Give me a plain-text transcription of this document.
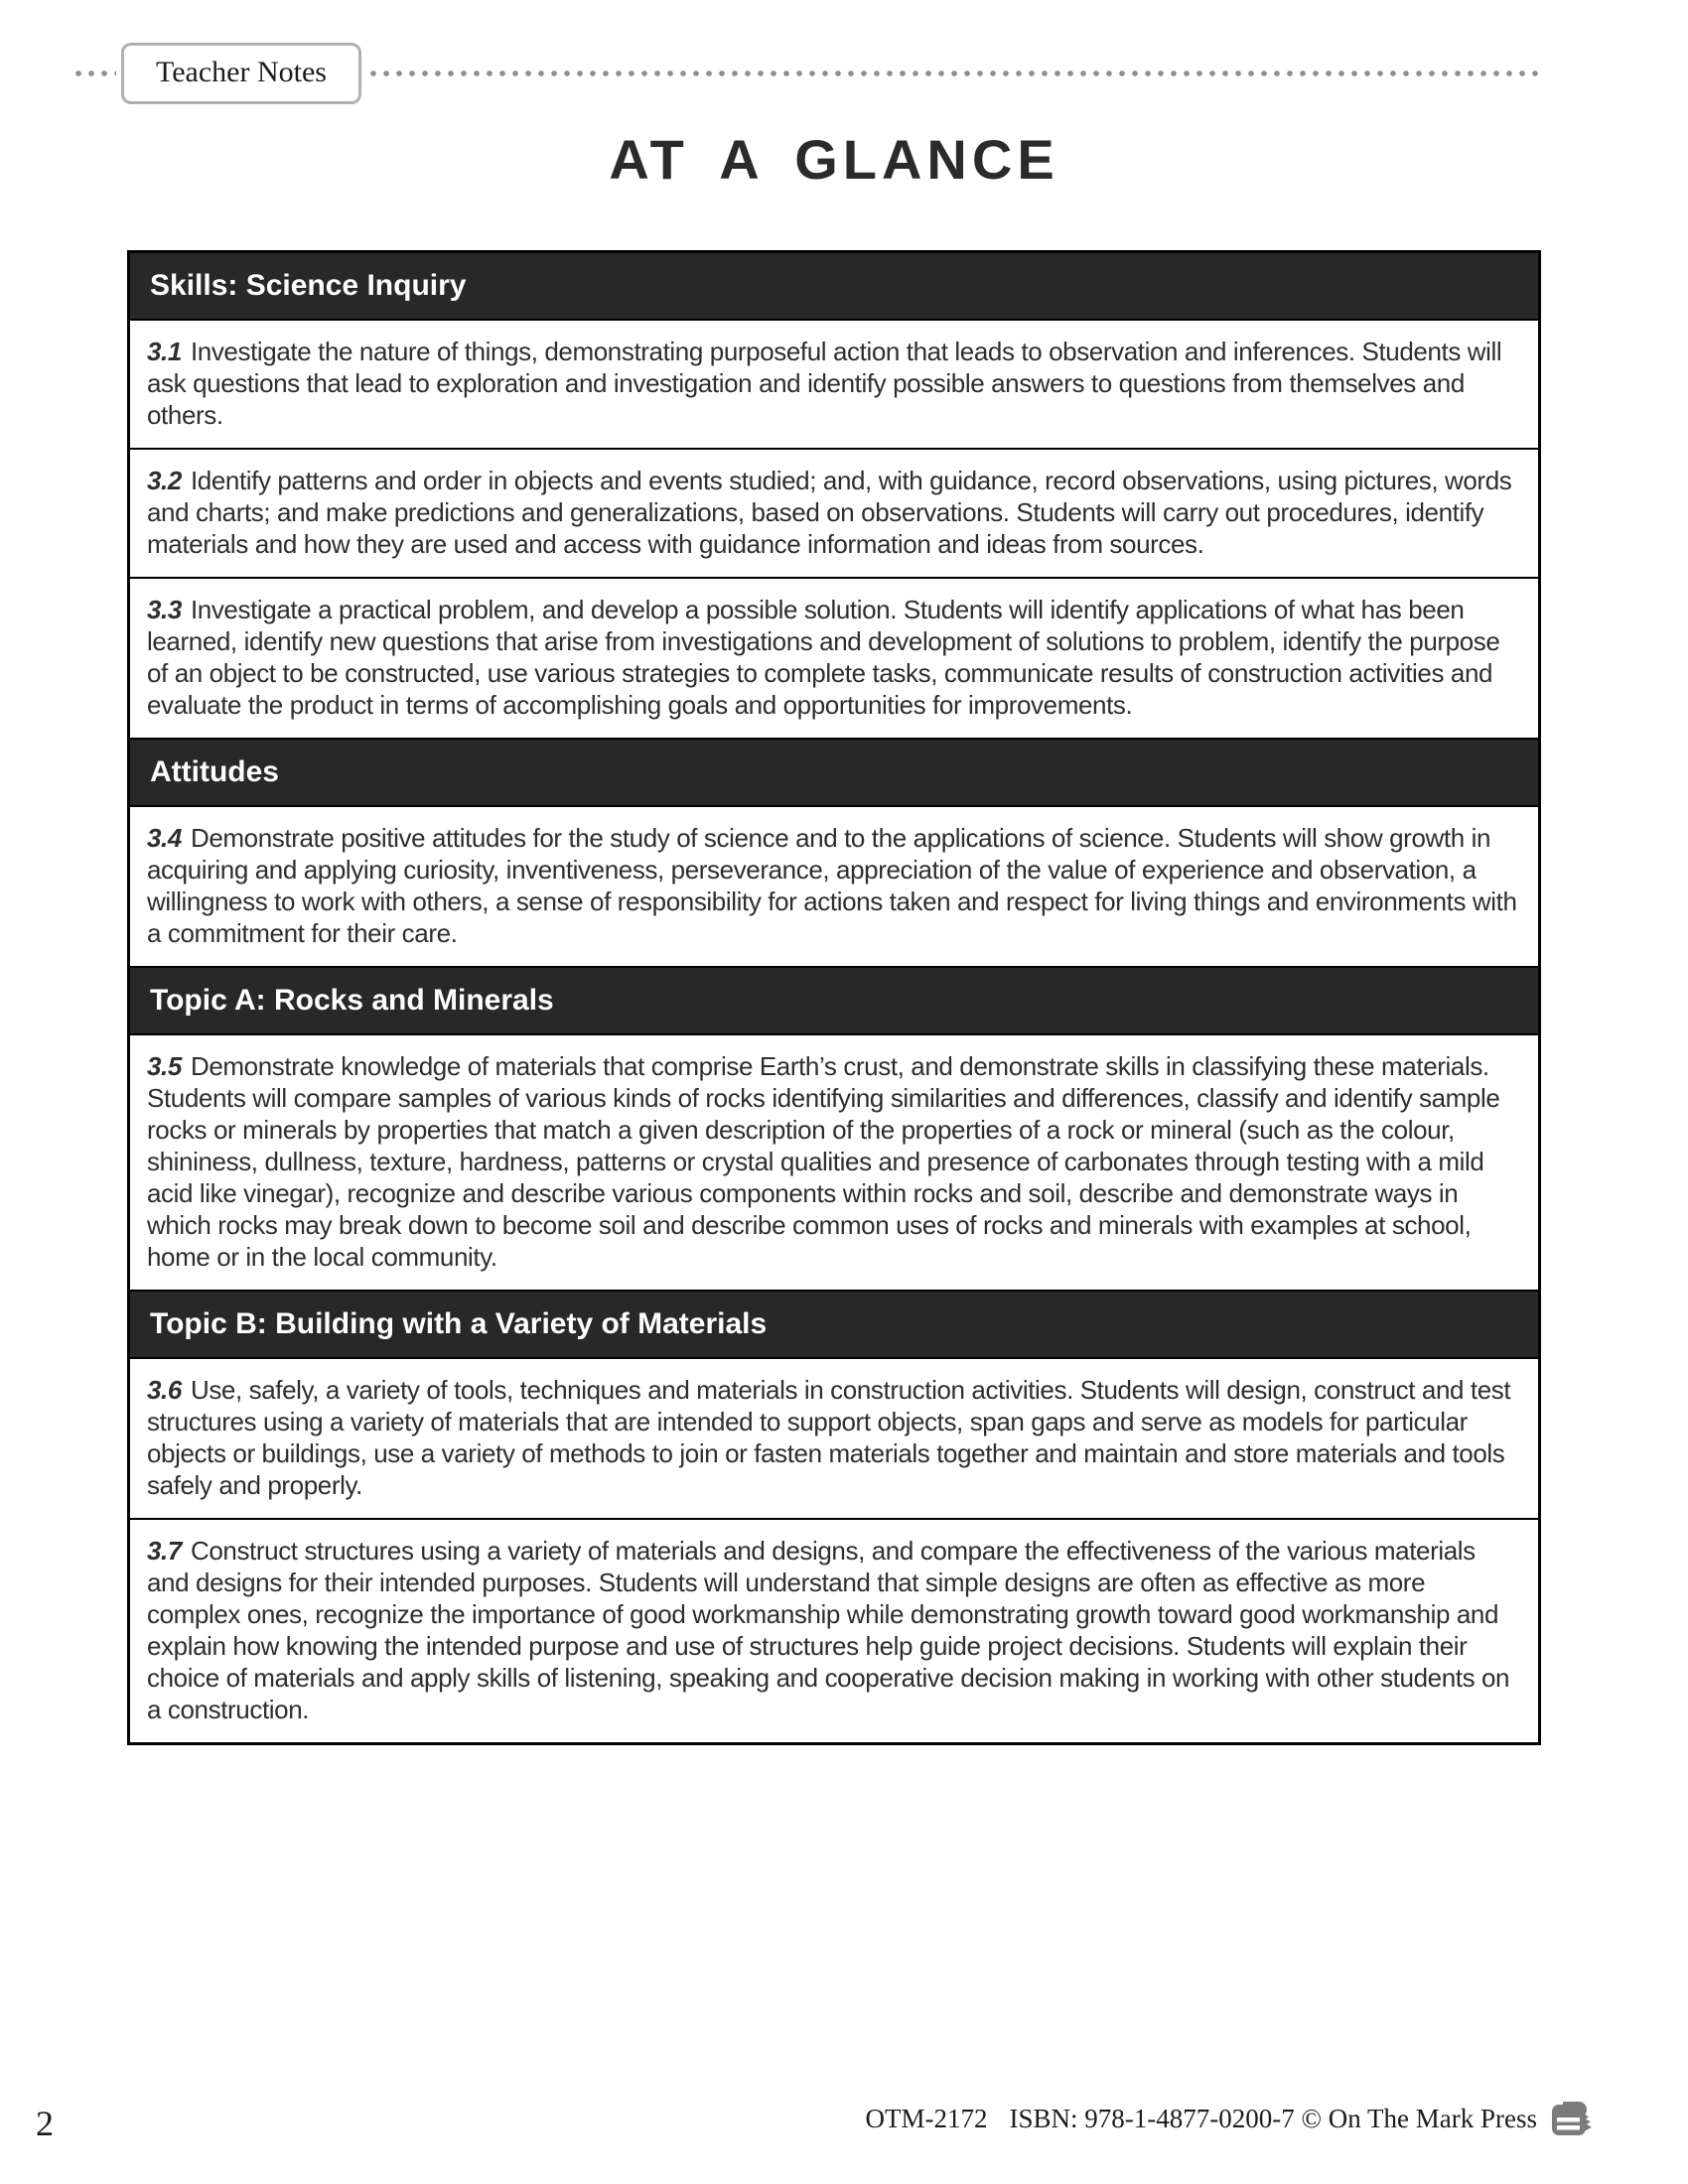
Teacher Notes
AT A GLANCE
Skills: Science Inquiry
3.1 Investigate the nature of things, demonstrating purposeful action that leads to observation and inferences. Students will ask questions that lead to exploration and investigation and identify possible answers to questions from themselves and others.
3.2 Identify patterns and order in objects and events studied; and, with guidance, record observations, using pictures, words and charts; and make predictions and generalizations, based on observations. Students will carry out procedures, identify materials and how they are used and access with guidance information and ideas from sources.
3.3 Investigate a practical problem, and develop a possible solution. Students will identify applications of what has been learned, identify new questions that arise from investigations and development of solutions to problem, identify the purpose of an object to be constructed, use various strategies to complete tasks, communicate results of construction activities and evaluate the product in terms of accomplishing goals and opportunities for improvements.
Attitudes
3.4 Demonstrate positive attitudes for the study of science and to the applications of science. Students will show growth in acquiring and applying curiosity, inventiveness, perseverance, appreciation of the value of experience and observation, a willingness to work with others, a sense of responsibility for actions taken and respect for living things and environments with a commitment for their care.
Topic A: Rocks and Minerals
3.5 Demonstrate knowledge of materials that comprise Earth’s crust, and demonstrate skills in classifying these materials. Students will compare samples of various kinds of rocks identifying similarities and differences, classify and identify sample rocks or minerals by properties that match a given description of the properties of a rock or mineral (such as the colour, shininess, dullness, texture, hardness, patterns or crystal qualities and presence of carbonates through testing with a mild acid like vinegar), recognize and describe various components within rocks and soil, describe and demonstrate ways in which rocks may break down to become soil and describe common uses of rocks and minerals with examples at school, home or in the local community.
Topic B: Building with a Variety of Materials
3.6 Use, safely, a variety of tools, techniques and materials in construction activities. Students will design, construct and test structures using a variety of materials that are intended to support objects, span gaps and serve as models for particular objects or buildings, use a variety of methods to join or fasten materials together and maintain and store materials and tools safely and properly.
3.7 Construct structures using a variety of materials and designs, and compare the effectiveness of the various materials and designs for their intended purposes. Students will understand that simple designs are often as effective as more complex ones, recognize the importance of good workmanship while demonstrating growth toward good workmanship and explain how knowing the intended purpose and use of structures help guide project decisions. Students will explain their choice of materials and apply skills of listening, speaking and cooperative decision making in working with other students on a construction.
2	OTM-2172 ISBN: 978-1-4877-0200-7 © On The Mark Press
